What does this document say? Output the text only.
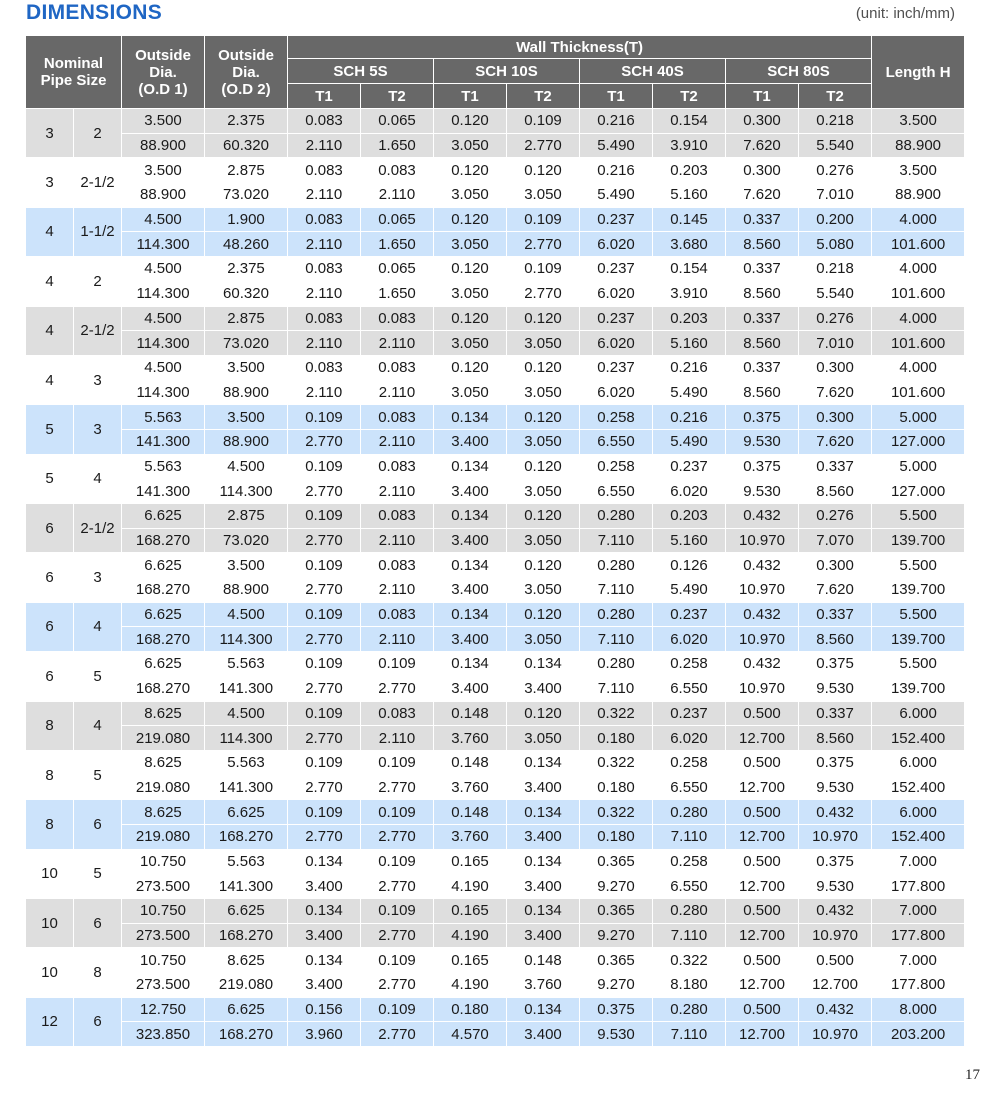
DIMENSIONS	(unit: inch/mm)
Nominal Pipe Size		Outside
Dia.
(O.D 1)	Outside
Dia.
(O.D 2)	Wall Thickness(T)								Length H
				SCH 5S		SCH 10S		SCH 40S		SCH 80S		
				T1	T2	T1	T2	T1	T2	T1	T2	
3	2	3.500	2.375	0.083	0.065	0.120	0.109	0.216	0.154	0.300	0.218	3.500
		88.900	60.320	2.110	1.650	3.050	2.770	5.490	3.910	7.620	5.540	88.900
3	2-1/2	3.500	2.875	0.083	0.083	0.120	0.120	0.216	0.203	0.300	0.276	3.500
		88.900	73.020	2.110	2.110	3.050	3.050	5.490	5.160	7.620	7.010	88.900
4	1-1/2	4.500	1.900	0.083	0.065	0.120	0.109	0.237	0.145	0.337	0.200	4.000
		114.300	48.260	2.110	1.650	3.050	2.770	6.020	3.680	8.560	5.080	101.600
4	2	4.500	2.375	0.083	0.065	0.120	0.109	0.237	0.154	0.337	0.218	4.000
		114.300	60.320	2.110	1.650	3.050	2.770	6.020	3.910	8.560	5.540	101.600
4	2-1/2	4.500	2.875	0.083	0.083	0.120	0.120	0.237	0.203	0.337	0.276	4.000
		114.300	73.020	2.110	2.110	3.050	3.050	6.020	5.160	8.560	7.010	101.600
4	3	4.500	3.500	0.083	0.083	0.120	0.120	0.237	0.216	0.337	0.300	4.000
		114.300	88.900	2.110	2.110	3.050	3.050	6.020	5.490	8.560	7.620	101.600
5	3	5.563	3.500	0.109	0.083	0.134	0.120	0.258	0.216	0.375	0.300	5.000
		141.300	88.900	2.770	2.110	3.400	3.050	6.550	5.490	9.530	7.620	127.000
5	4	5.563	4.500	0.109	0.083	0.134	0.120	0.258	0.237	0.375	0.337	5.000
		141.300	114.300	2.770	2.110	3.400	3.050	6.550	6.020	9.530	8.560	127.000
6	2-1/2	6.625	2.875	0.109	0.083	0.134	0.120	0.280	0.203	0.432	0.276	5.500
		168.270	73.020	2.770	2.110	3.400	3.050	7.110	5.160	10.970	7.070	139.700
6	3	6.625	3.500	0.109	0.083	0.134	0.120	0.280	0.126	0.432	0.300	5.500
		168.270	88.900	2.770	2.110	3.400	3.050	7.110	5.490	10.970	7.620	139.700
6	4	6.625	4.500	0.109	0.083	0.134	0.120	0.280	0.237	0.432	0.337	5.500
		168.270	114.300	2.770	2.110	3.400	3.050	7.110	6.020	10.970	8.560	139.700
6	5	6.625	5.563	0.109	0.109	0.134	0.134	0.280	0.258	0.432	0.375	5.500
		168.270	141.300	2.770	2.770	3.400	3.400	7.110	6.550	10.970	9.530	139.700
8	4	8.625	4.500	0.109	0.083	0.148	0.120	0.322	0.237	0.500	0.337	6.000
		219.080	114.300	2.770	2.110	3.760	3.050	0.180	6.020	12.700	8.560	152.400
8	5	8.625	5.563	0.109	0.109	0.148	0.134	0.322	0.258	0.500	0.375	6.000
		219.080	141.300	2.770	2.770	3.760	3.400	0.180	6.550	12.700	9.530	152.400
8	6	8.625	6.625	0.109	0.109	0.148	0.134	0.322	0.280	0.500	0.432	6.000
		219.080	168.270	2.770	2.770	3.760	3.400	0.180	7.110	12.700	10.970	152.400
10	5	10.750	5.563	0.134	0.109	0.165	0.134	0.365	0.258	0.500	0.375	7.000
		273.500	141.300	3.400	2.770	4.190	3.400	9.270	6.550	12.700	9.530	177.800
10	6	10.750	6.625	0.134	0.109	0.165	0.134	0.365	0.280	0.500	0.432	7.000
		273.500	168.270	3.400	2.770	4.190	3.400	9.270	7.110	12.700	10.970	177.800
10	8	10.750	8.625	0.134	0.109	0.165	0.148	0.365	0.322	0.500	0.500	7.000
		273.500	219.080	3.400	2.770	4.190	3.760	9.270	8.180	12.700	12.700	177.800
12	6	12.750	6.625	0.156	0.109	0.180	0.134	0.375	0.280	0.500	0.432	8.000
		323.850	168.270	3.960	2.770	4.570	3.400	9.530	7.110	12.700	10.970	203.200
17
